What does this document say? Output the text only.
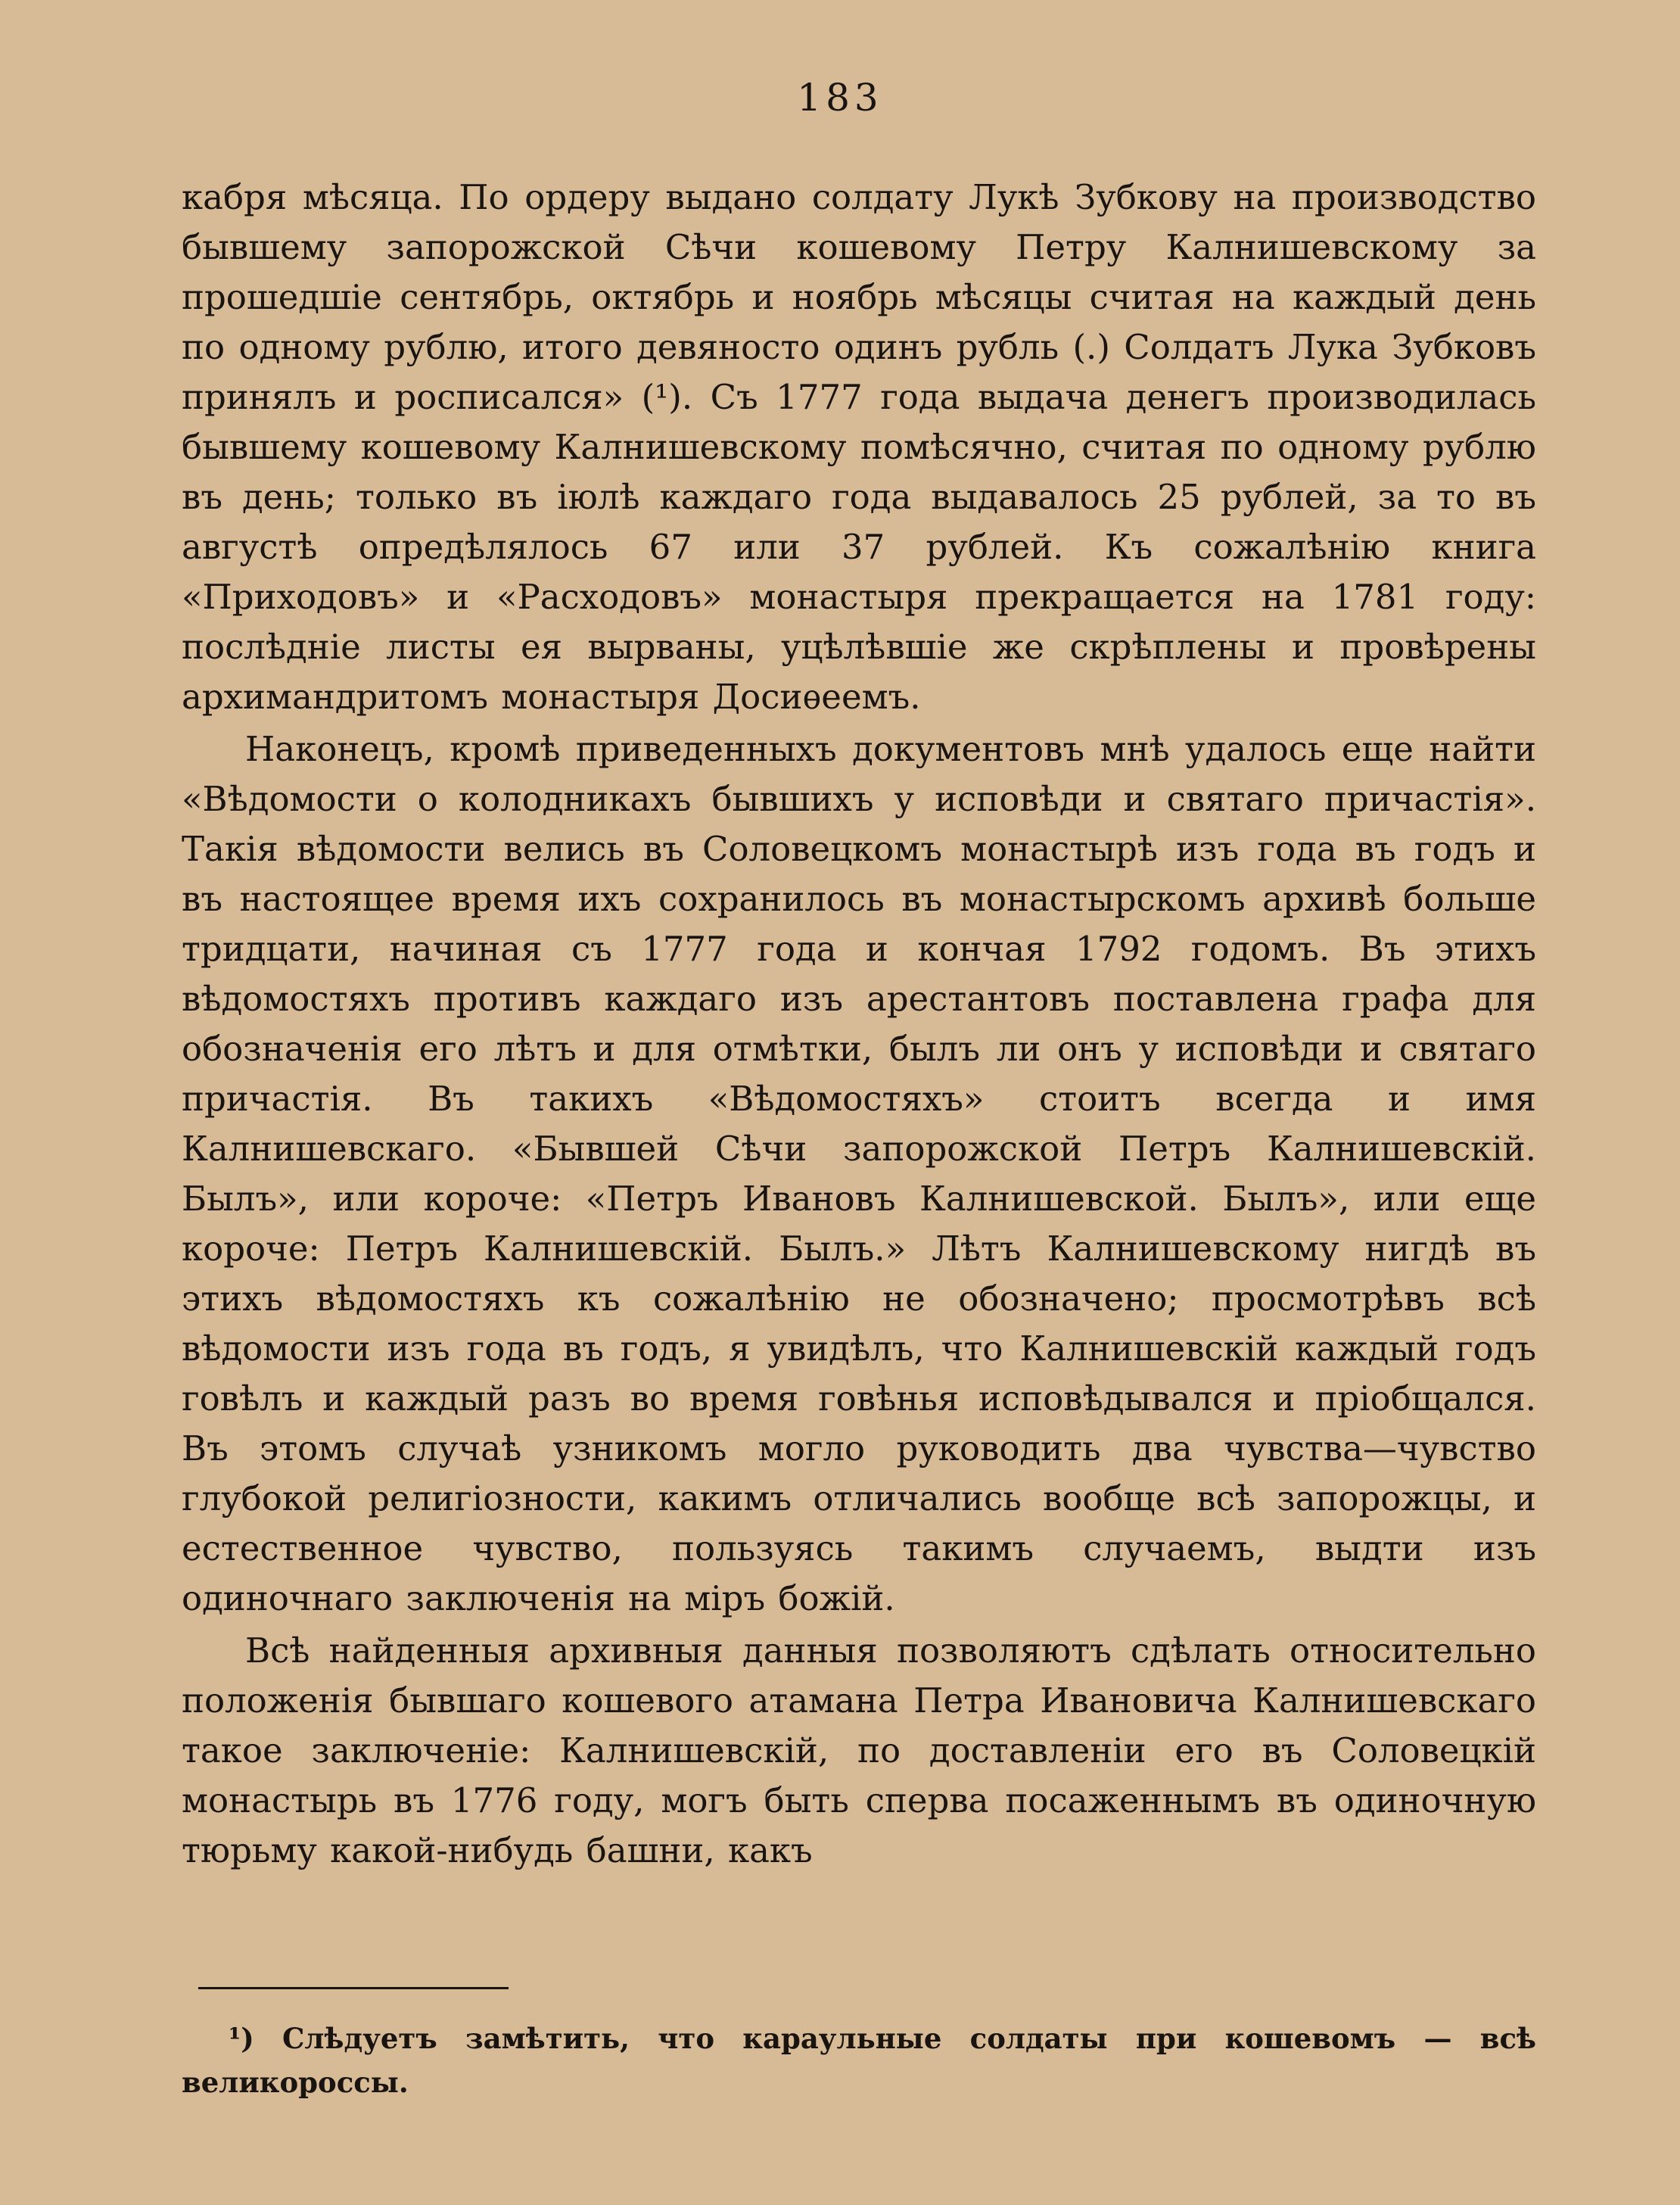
183

кабря мѣсяца. По ордеру выдано солдату Лукѣ Зубкову на производство бывшему запорожской Сѣчи кошевому Петру Калнишевскому за прошедшіе сентябрь, октябрь и ноябрь мѣсяцы считая на каждый день по одному рублю, итого девяносто одинъ рубль (.) Солдатъ Лука Зубковъ принялъ и росписался» (¹). Съ 1777 года выдача денегъ производилась бывшему кошевому Калнишевскому помѣсячно, считая по одному рублю въ день; только въ іюлѣ каждаго года выдавалось 25 рублей, за то въ августѣ опредѣлялось 67 или 37 рублей. Къ сожалѣнію книга «Приходовъ» и «Расходовъ» монастыря прекращается на 1781 году: послѣдніе листы ея вырваны, уцѣлѣвшіе же скрѣплены и провѣрены архимандритомъ монастыря Досиѳеемъ.

Наконецъ, кромѣ приведенныхъ документовъ мнѣ удалось еще найти «Вѣдомости о колодникахъ бывшихъ у исповѣди и святаго причастія». Такія вѣдомости велись въ Соловецкомъ монастырѣ изъ года въ годъ и въ настоящее время ихъ сохранилось въ монастырскомъ архивѣ больше тридцати, начиная съ 1777 года и кончая 1792 годомъ. Въ этихъ вѣдомостяхъ противъ каждаго изъ арестантовъ поставлена графа для обозначенія его лѣтъ и для отмѣтки, былъ ли онъ у исповѣди и святаго причастія. Въ такихъ «Вѣдомостяхъ» стоитъ всегда и имя Калнишевскаго. «Бывшей Сѣчи запорожской Петръ Калнишевскій. Былъ», или короче: «Петръ Ивановъ Калнишевской. Былъ», или еще короче: Петръ Калнишевскій. Былъ.» Лѣтъ Калнишевскому нигдѣ въ этихъ вѣдомостяхъ къ сожалѣнію не обозначено; просмотрѣвъ всѣ вѣдомости изъ года въ годъ, я увидѣлъ, что Калнишевскій каждый годъ говѣлъ и каждый разъ во время говѣнья исповѣдывался и пріобщался. Въ этомъ случаѣ узникомъ могло руководить два чувства—чувство глубокой религіозности, какимъ отличались вообще всѣ запорожцы, и естественное чувство, пользуясь такимъ случаемъ, выдти изъ одиночнаго заключенія на міръ божій.

Всѣ найденныя архивныя данныя позволяютъ сдѣлать относительно положенія бывшаго кошевого атамана Петра Ивановича Калнишевскаго такое заключеніе: Калнишевскій, по доставленіи его въ Соловецкій монастырь въ 1776 году, могъ быть сперва посаженнымъ въ одиночную тюрьму какой-нибудь башни, какъ

¹) Слѣдуетъ замѣтить, что караульные солдаты при кошевомъ — всѣ великороссы.
